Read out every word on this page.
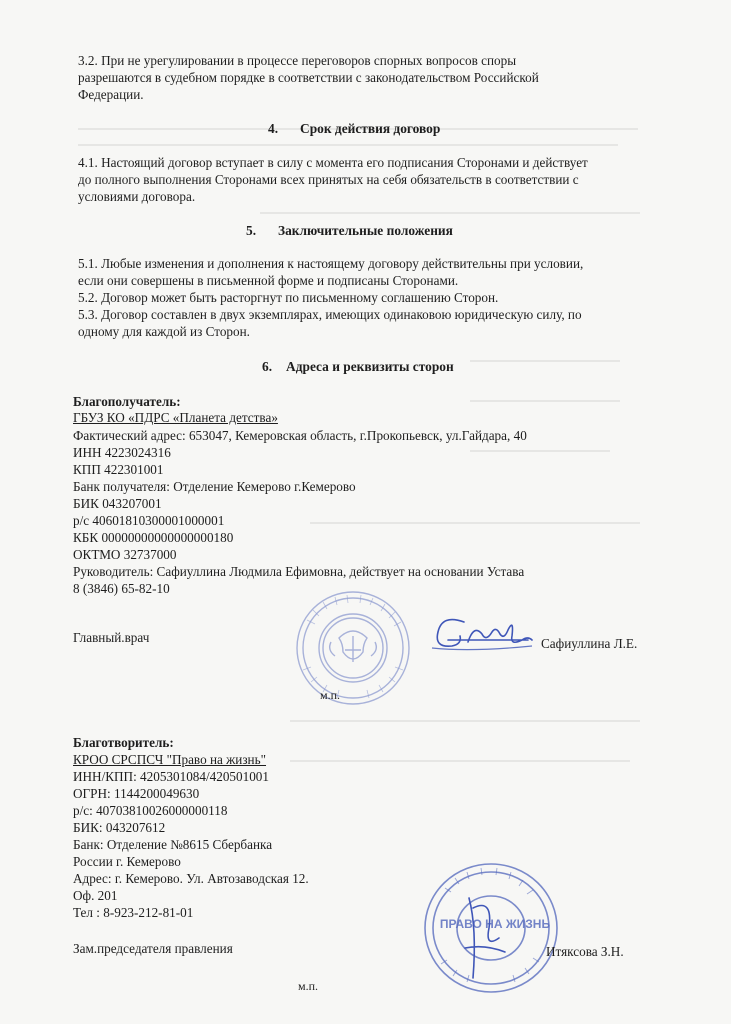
3.2. При не урегулировании в процессе переговоров спорных вопросов споры
разрешаются в судебном порядке в соответствии с законодательством Российской
Федерации.
4. Срок действия договор
4.1. Настоящий договор вступает в силу с момента его подписания Сторонами и действует
до полного выполнения Сторонами всех принятых на себя обязательств в соответствии с
условиями договора.
5. Заключительные положения
5.1. Любые изменения и дополнения к настоящему договору действительны при условии,
если они совершены в письменной форме и подписаны Сторонами.
5.2. Договор может быть расторгнут по письменному соглашению Сторон.
5.3. Договор составлен в двух экземплярах, имеющих одинаковою юридическую силу, по
одному для каждой из Сторон.
6. Адреса и реквизиты сторон
Благополучатель:
ГБУЗ КО «ПДРС «Планета детства»
Фактический адрес: 653047, Кемеровская область, г.Прокопьевск, ул.Гайдара, 40
ИНН 4223024316
КПП 422301001
Банк получателя: Отделение Кемерово г.Кемерово
БИК 043207001
р/с 40601810300001000001
КБК 00000000000000000180
ОКТМО 32737000
Руководитель: Сафиуллина Людмила Ефимовна, действует на основании Устава
8 (3846) 65-82-10
Главный.врач	Сафиуллина Л.Е.
м.п.
Благотворитель:
КРОО СРСПСЧ "Право на жизнь"
ИНН/КПП: 4205301084/420501001
ОГРН: 1144200049630
р/с: 40703810026000000118
БИК: 043207612
Банк: Отделение №8615 Сбербанка
России г. Кемерово
Адрес: г. Кемерово. Ул. Автозаводская 12.
Оф. 201
Тел : 8-923-212-81-01
Зам.председателя правления
ПРАВО НА ЖИЗНЬ
Итяксова З.Н.
м.п.
